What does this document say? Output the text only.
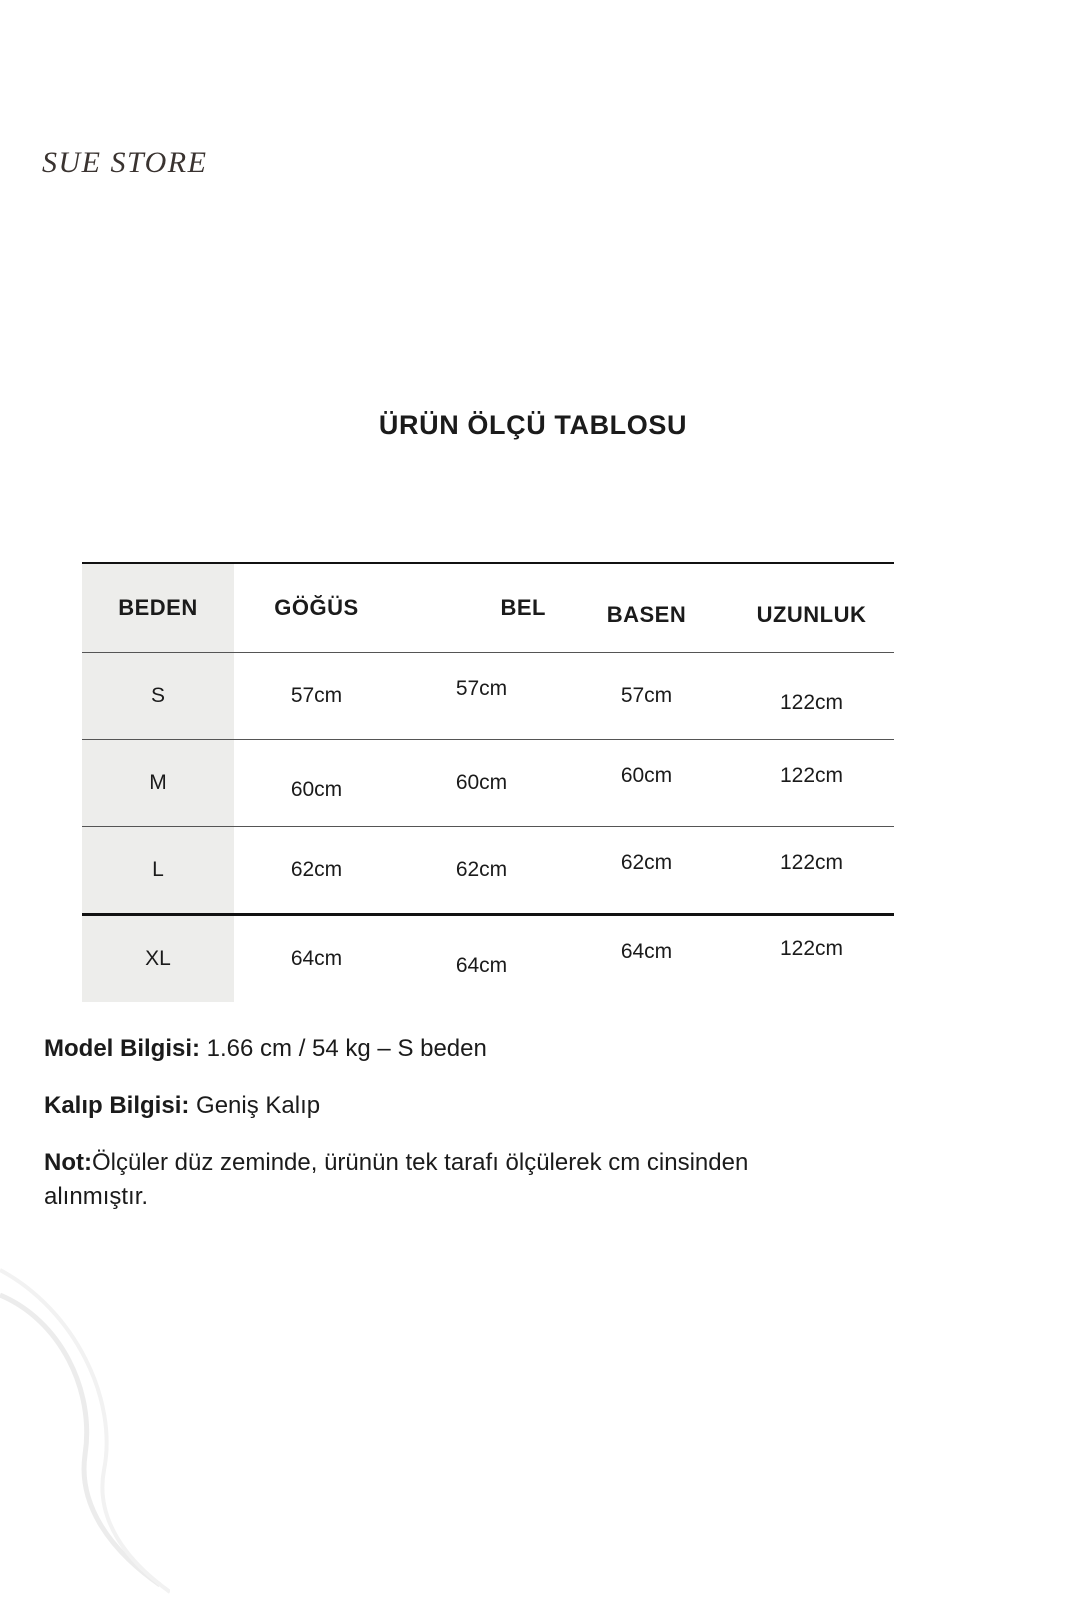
SUE STORE
ÜRÜN ÖLÇÜ TABLOSU
BEDEN	GÖĞÜS	BEL	BASEN	UZUNLUK

S	57cm	57cm	57cm	122cm

M	60cm	60cm	60cm	122cm

L	62cm	62cm	62cm	122cm

XL	64cm	64cm	64cm	122cm
Model Bilgisi: 1.66 cm / 54 kg – S beden
Kalıp Bilgisi: Geniş Kalıp
Not:Ölçüler düz zeminde, ürünün tek tarafı ölçülerek cm cinsinden alınmıştır.
